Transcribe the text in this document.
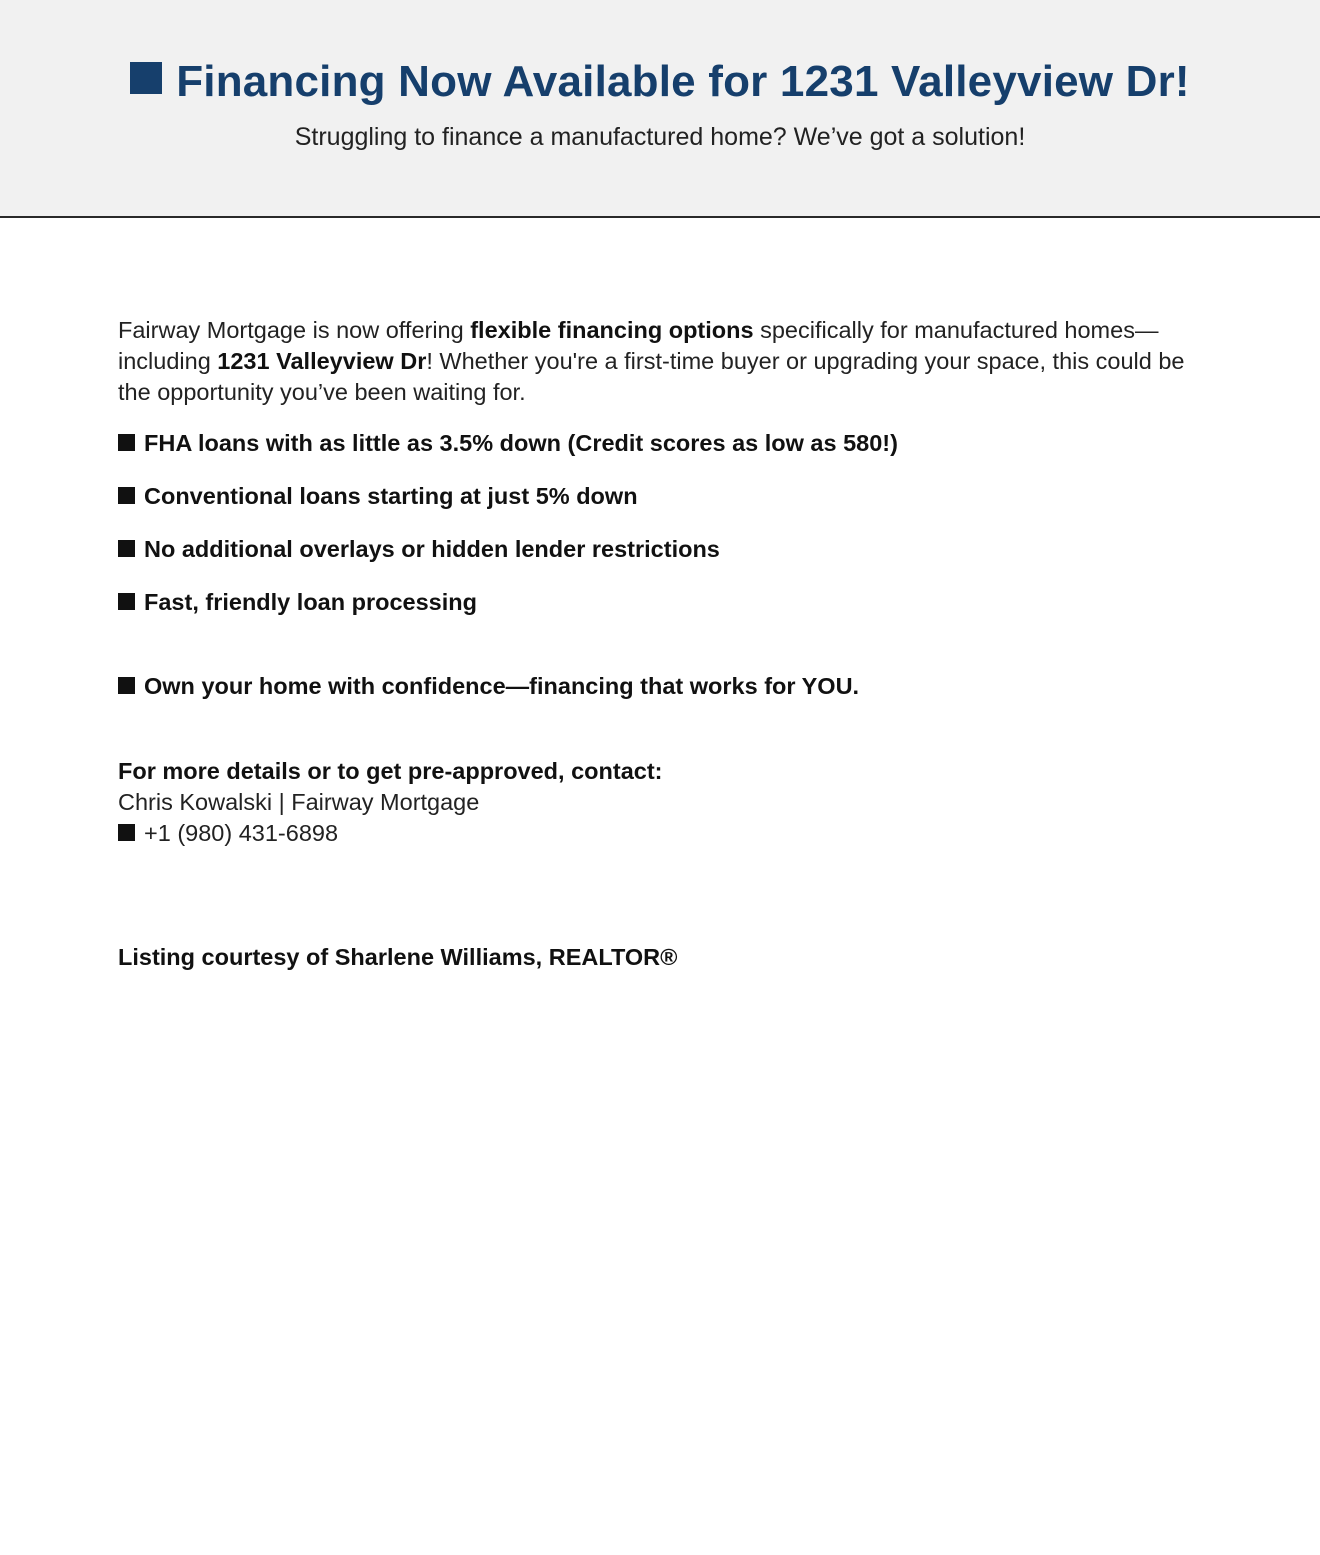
Financing Now Available for 1231 Valleyview Dr!

Struggling to finance a manufactured home? We’ve got a solution!

Fairway Mortgage is now offering flexible financing options specifically for manufactured homes—including 1231 Valleyview Dr! Whether you're a first-time buyer or upgrading your space, this could be the opportunity you’ve been waiting for.

FHA loans with as little as 3.5% down (Credit scores as low as 580!)
Conventional loans starting at just 5% down
No additional overlays or hidden lender restrictions
Fast, friendly loan processing
Own your home with confidence—financing that works for YOU.

For more details or to get pre-approved, contact:

Chris Kowalski | Fairway Mortgage
+1 (980) 431-6898

Listing courtesy of Sharlene Williams, REALTOR®
